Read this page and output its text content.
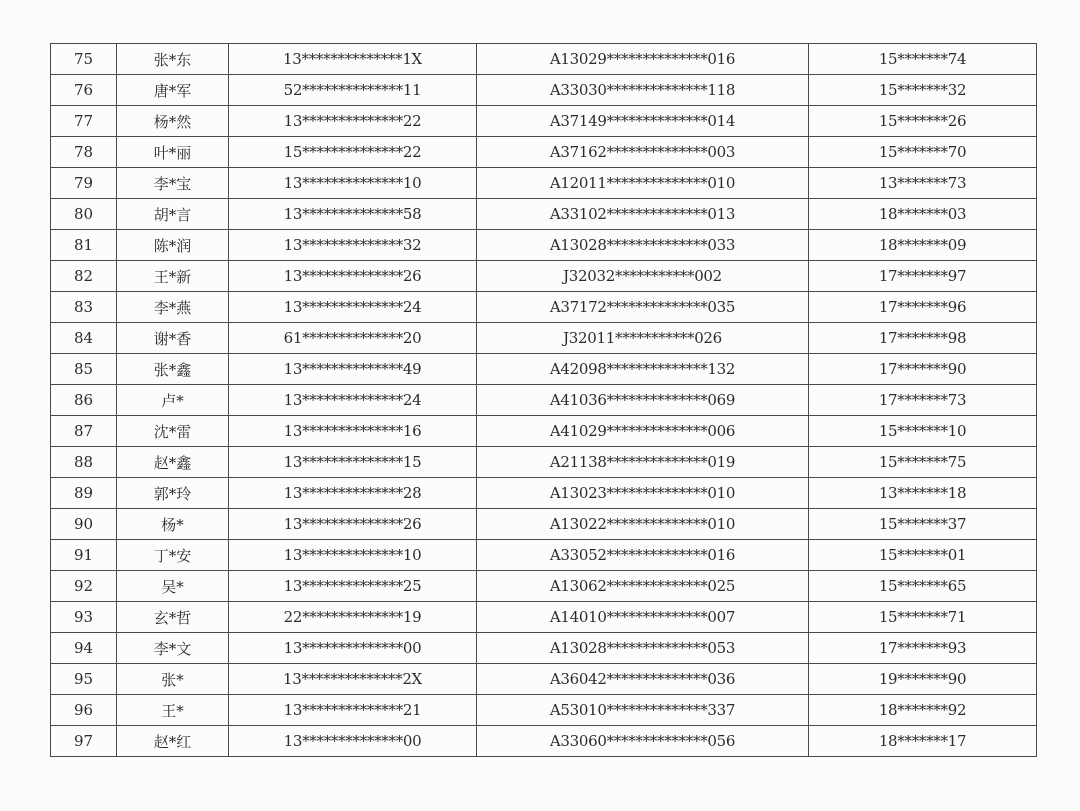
75	张*东	13**************1X	A13029**************016	15*******74
76	唐*军	52**************11	A33030**************118	15*******32
77	杨*然	13**************22	A37149**************014	15*******26
78	叶*丽	15**************22	A37162**************003	15*******70
79	李*宝	13**************10	A12011**************010	13*******73
80	胡*言	13**************58	A33102**************013	18*******03
81	陈*润	13**************32	A13028**************033	18*******09
82	王*新	13**************26	J32032***********002	17*******97
83	李*燕	13**************24	A37172**************035	17*******96
84	谢*香	61**************20	J32011***********026	17*******98
85	张*鑫	13**************49	A42098**************132	17*******90
86	卢*	13**************24	A41036**************069	17*******73
87	沈*雷	13**************16	A41029**************006	15*******10
88	赵*鑫	13**************15	A21138**************019	15*******75
89	郭*玲	13**************28	A13023**************010	13*******18
90	杨*	13**************26	A13022**************010	15*******37
91	丁*安	13**************10	A33052**************016	15*******01
92	吴*	13**************25	A13062**************025	15*******65
93	玄*哲	22**************19	A14010**************007	15*******71
94	李*文	13**************00	A13028**************053	17*******93
95	张*	13**************2X	A36042**************036	19*******90
96	王*	13**************21	A53010**************337	18*******92
97	赵*红	13**************00	A33060**************056	18*******17
